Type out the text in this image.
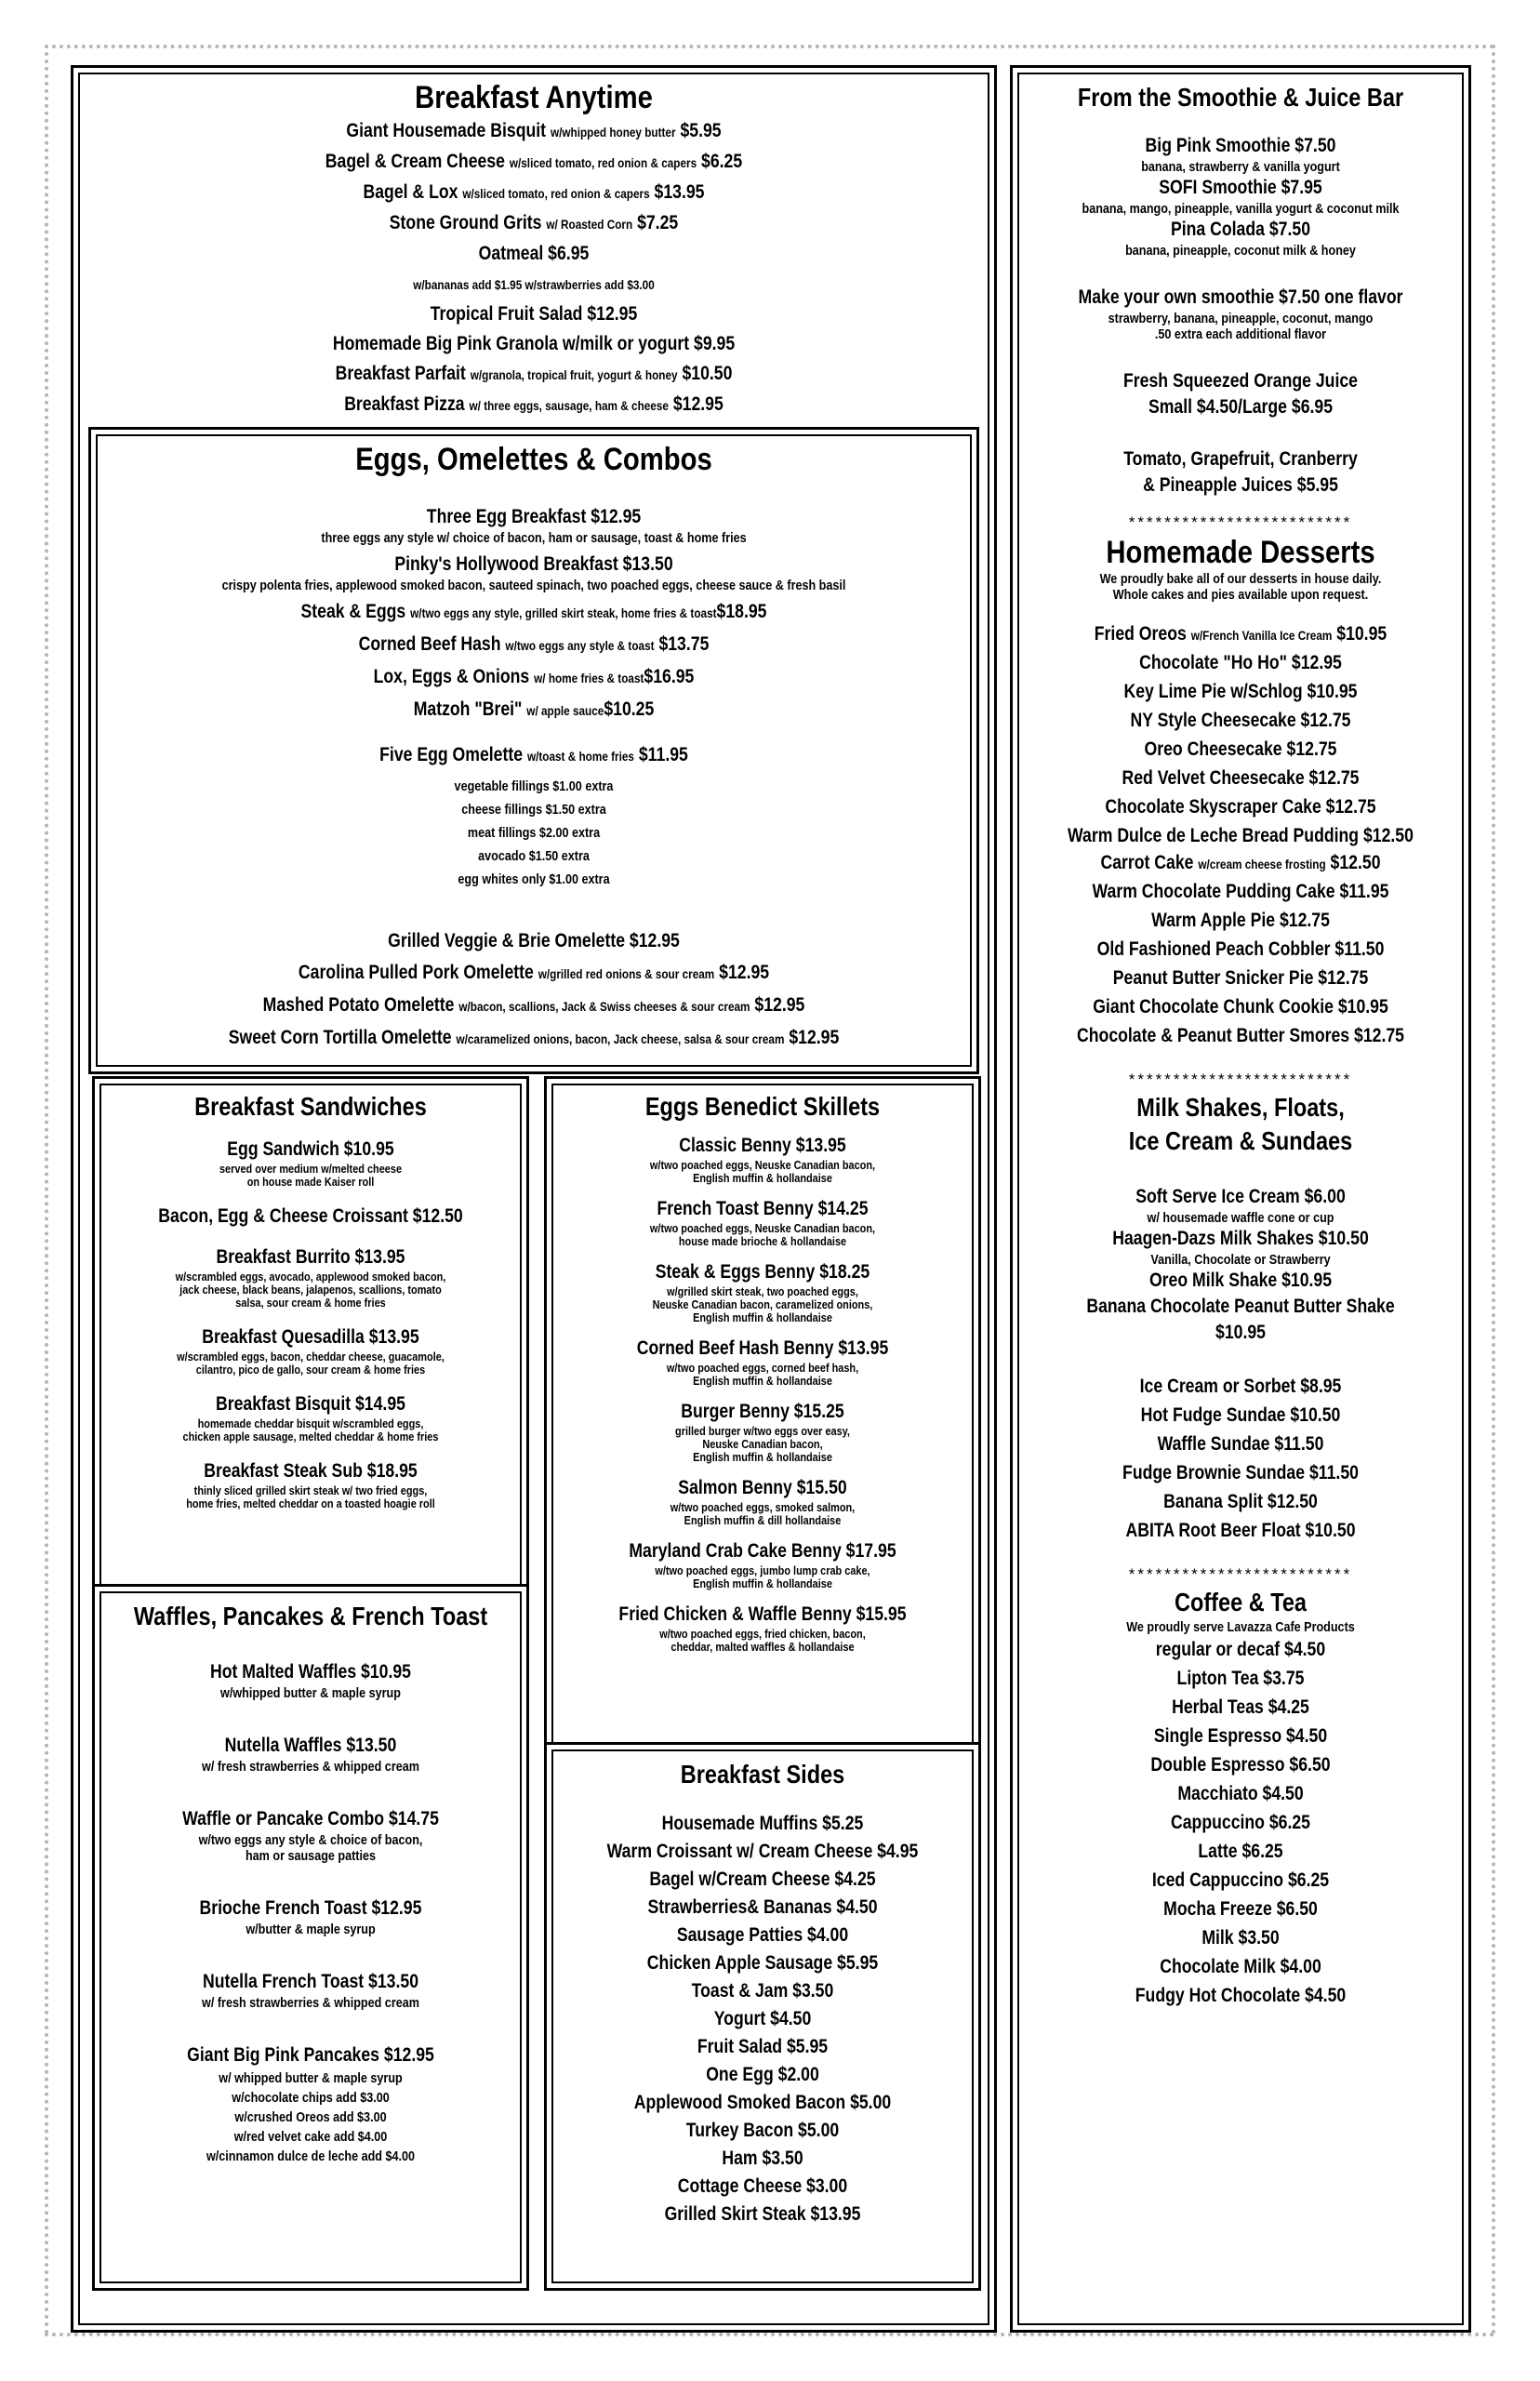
Breakfast Anytime
Giant Housemade Bisquit w/whipped honey butter $5.95
Bagel & Cream Cheese w/sliced tomato, red onion & capers $6.25
Bagel & Lox w/sliced tomato, red onion & capers $13.95
Stone Ground Grits w/ Roasted Corn $7.25
Oatmeal $6.95
w/bananas add $1.95 w/strawberries add $3.00
Tropical Fruit Salad $12.95
Homemade Big Pink Granola w/milk or yogurt $9.95
Breakfast Parfait w/granola, tropical fruit, yogurt & honey $10.50
Breakfast Pizza w/ three eggs, sausage, ham & cheese $12.95
Eggs, Omelettes & Combos
Three Egg Breakfast $12.95
three eggs any style w/ choice of bacon, ham or sausage, toast & home fries
Pinky's Hollywood Breakfast $13.50
crispy polenta fries, applewood smoked bacon, sauteed spinach, two poached eggs, cheese sauce & fresh basil
Steak & Eggs w/two eggs any style, grilled skirt steak, home fries & toast$18.95
Corned Beef Hash w/two eggs any style & toast $13.75
Lox, Eggs & Onions w/ home fries & toast$16.95
Matzoh "Brei" w/ apple sauce$10.25
Five Egg Omelette w/toast & home fries $11.95
vegetable fillings $1.00 extra
cheese fillings $1.50 extra
meat fillings $2.00 extra
avocado $1.50 extra
egg whites only $1.00 extra
Grilled Veggie & Brie Omelette $12.95
Carolina Pulled Pork Omelette w/grilled red onions & sour cream $12.95
Mashed Potato Omelette w/bacon, scallions, Jack & Swiss cheeses & sour cream $12.95
Sweet Corn Tortilla Omelette w/caramelized onions, bacon, Jack cheese, salsa & sour cream $12.95
Breakfast Sandwiches
Egg Sandwich $10.95
served over medium w/melted cheese
on house made Kaiser roll
Bacon, Egg & Cheese Croissant $12.50
Breakfast Burrito $13.95
w/scrambled eggs, avocado, applewood smoked bacon,
jack cheese, black beans, jalapenos, scallions, tomato
salsa, sour cream & home fries
Breakfast Quesadilla $13.95
w/scrambled eggs, bacon, cheddar cheese, guacamole,
cilantro, pico de gallo, sour cream & home fries
Breakfast Bisquit $14.95
homemade cheddar bisquit w/scrambled eggs,
chicken apple sausage, melted cheddar & home fries
Breakfast Steak Sub $18.95
thinly sliced grilled skirt steak w/ two fried eggs,
home fries, melted cheddar on a toasted hoagie roll
Eggs Benedict Skillets
Classic Benny $13.95
w/two poached eggs, Neuske Canadian bacon,
English muffin & hollandaise
French Toast Benny $14.25
w/two poached eggs, Neuske Canadian bacon,
house made brioche & hollandaise
Steak & Eggs Benny $18.25
w/grilled skirt steak, two poached eggs,
Neuske Canadian bacon, caramelized onions,
English muffin & hollandaise
Corned Beef Hash Benny $13.95
w/two poached eggs, corned beef hash,
English muffin & hollandaise
Burger Benny $15.25
grilled burger w/two eggs over easy,
Neuske Canadian bacon,
English muffin & hollandaise
Salmon Benny $15.50
w/two poached eggs, smoked salmon,
English muffin & dill hollandaise
Maryland Crab Cake Benny $17.95
w/two poached eggs, jumbo lump crab cake,
English muffin & hollandaise
Fried Chicken & Waffle Benny $15.95
w/two poached eggs, fried chicken, bacon,
cheddar, malted waffles & hollandaise
Waffles, Pancakes & French Toast
Hot Malted Waffles $10.95
w/whipped butter & maple syrup
Nutella Waffles $13.50
w/ fresh strawberries & whipped cream
Waffle or Pancake Combo $14.75
w/two eggs any style & choice of bacon,
ham or sausage patties
Brioche French Toast $12.95
w/butter & maple syrup
Nutella French Toast $13.50
w/ fresh strawberries & whipped cream
Giant Big Pink Pancakes $12.95
w/ whipped butter & maple syrup
w/chocolate chips add $3.00
w/crushed Oreos add $3.00
w/red velvet cake add $4.00
w/cinnamon dulce de leche add $4.00
Breakfast Sides
Housemade Muffins $5.25
Warm Croissant w/ Cream Cheese $4.95
Bagel w/Cream Cheese $4.25
Strawberries& Bananas $4.50
Sausage Patties $4.00
Chicken Apple Sausage $5.95
Toast & Jam $3.50
Yogurt $4.50
Fruit Salad $5.95
One Egg $2.00
Applewood Smoked Bacon $5.00
Turkey Bacon $5.00
Ham $3.50
Cottage Cheese $3.00
Grilled Skirt Steak $13.95
From the Smoothie & Juice Bar
Big Pink Smoothie $7.50
banana, strawberry & vanilla yogurt
SOFI Smoothie $7.95
banana, mango, pineapple, vanilla yogurt & coconut milk
Pina Colada $7.50
banana, pineapple, coconut milk & honey
Make your own smoothie $7.50 one flavor
strawberry, banana, pineapple, coconut, mango
.50 extra each additional flavor
Fresh Squeezed Orange Juice
Small $4.50/Large $6.95
Tomato, Grapefruit, Cranberry
& Pineapple Juices $5.95
*************************
Homemade Desserts
We proudly bake all of our desserts in house daily.
Whole cakes and pies available upon request.
Fried Oreos w/French Vanilla Ice Cream $10.95
Chocolate "Ho Ho" $12.95
Key Lime Pie w/Schlog $10.95
NY Style Cheesecake $12.75
Oreo Cheesecake $12.75
Red Velvet Cheesecake $12.75
Chocolate Skyscraper Cake $12.75
Warm Dulce de Leche Bread Pudding $12.50
Carrot Cake w/cream cheese frosting $12.50
Warm Chocolate Pudding Cake $11.95
Warm Apple Pie $12.75
Old Fashioned Peach Cobbler $11.50
Peanut Butter Snicker Pie $12.75
Giant Chocolate Chunk Cookie $10.95
Chocolate & Peanut Butter Smores $12.75
*************************
Milk Shakes, Floats,
Ice Cream & Sundaes
Soft Serve Ice Cream $6.00
w/ housemade waffle cone or cup
Haagen-Dazs Milk Shakes $10.50
Vanilla, Chocolate or Strawberry
Oreo Milk Shake $10.95
Banana Chocolate Peanut Butter Shake
$10.95
Ice Cream or Sorbet $8.95
Hot Fudge Sundae $10.50
Waffle Sundae $11.50
Fudge Brownie Sundae $11.50
Banana Split $12.50
ABITA Root Beer Float $10.50
*************************
Coffee & Tea
We proudly serve Lavazza Cafe Products
regular or decaf $4.50
Lipton Tea $3.75
Herbal Teas $4.25
Single Espresso $4.50
Double Espresso $6.50
Macchiato $4.50
Cappuccino $6.25
Latte $6.25
Iced Cappuccino $6.25
Mocha Freeze $6.50
Milk $3.50
Chocolate Milk $4.00
Fudgy Hot Chocolate $4.50
